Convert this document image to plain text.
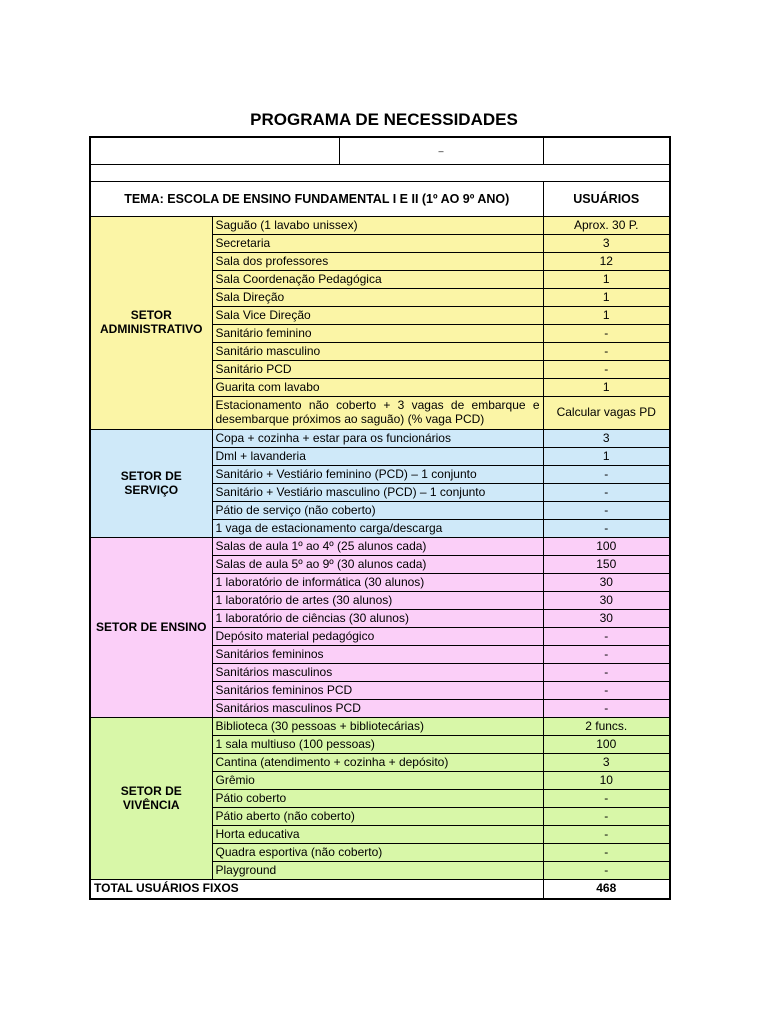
PROGRAMA DE NECESSIDADES
		–	

TEMA: ESCOLA DE ENSINO FUNDAMENTAL I E II (1º AO 9º ANO)			USUÁRIOS
SETOR ADMINISTRATIVO	Saguão (1 lavabo unissex)		Aprox. 30 P.
	Secretaria		3
	Sala dos professores		12
	Sala Coordenação Pedagógica		1
	Sala Direção		1
	Sala Vice Direção		1
	Sanitário feminino		-
	Sanitário masculino		-
	Sanitário PCD		-
	Guarita com lavabo		1
	Estacionamento não coberto + 3 vagas de embarque e desembarque próximos ao saguão) (% vaga PCD)		Calcular vagas PD
SETOR DE SERVIÇO	Copa + cozinha + estar para os funcionários		3
	Dml + lavanderia		1
	Sanitário + Vestiário feminino (PCD) – 1 conjunto		-
	Sanitário + Vestiário masculino (PCD) – 1 conjunto		-
	Pátio de serviço (não coberto)		-
	1 vaga de estacionamento carga/descarga		-
SETOR DE ENSINO	Salas de aula 1º ao 4º (25 alunos cada)		100
	Salas de aula 5º ao 9º (30 alunos cada)		150
	1 laboratório de informática (30 alunos)		30
	1 laboratório de artes (30 alunos)		30
	1 laboratório de ciências (30 alunos)		30
	Depósito material pedagógico		-
	Sanitários femininos		-
	Sanitários masculinos		-
	Sanitários femininos PCD		-
	Sanitários masculinos PCD		-
SETOR DE VIVÊNCIA	Biblioteca (30 pessoas + bibliotecárias)		2 funcs.
	1 sala multiuso (100 pessoas)		100
	Cantina (atendimento + cozinha + depósito)		3
	Grêmio		10
	Pátio coberto		-
	Pátio aberto (não coberto)		-
	Horta educativa		-
	Quadra esportiva (não coberto)		-
	Playground		-
TOTAL USUÁRIOS FIXOS			468
